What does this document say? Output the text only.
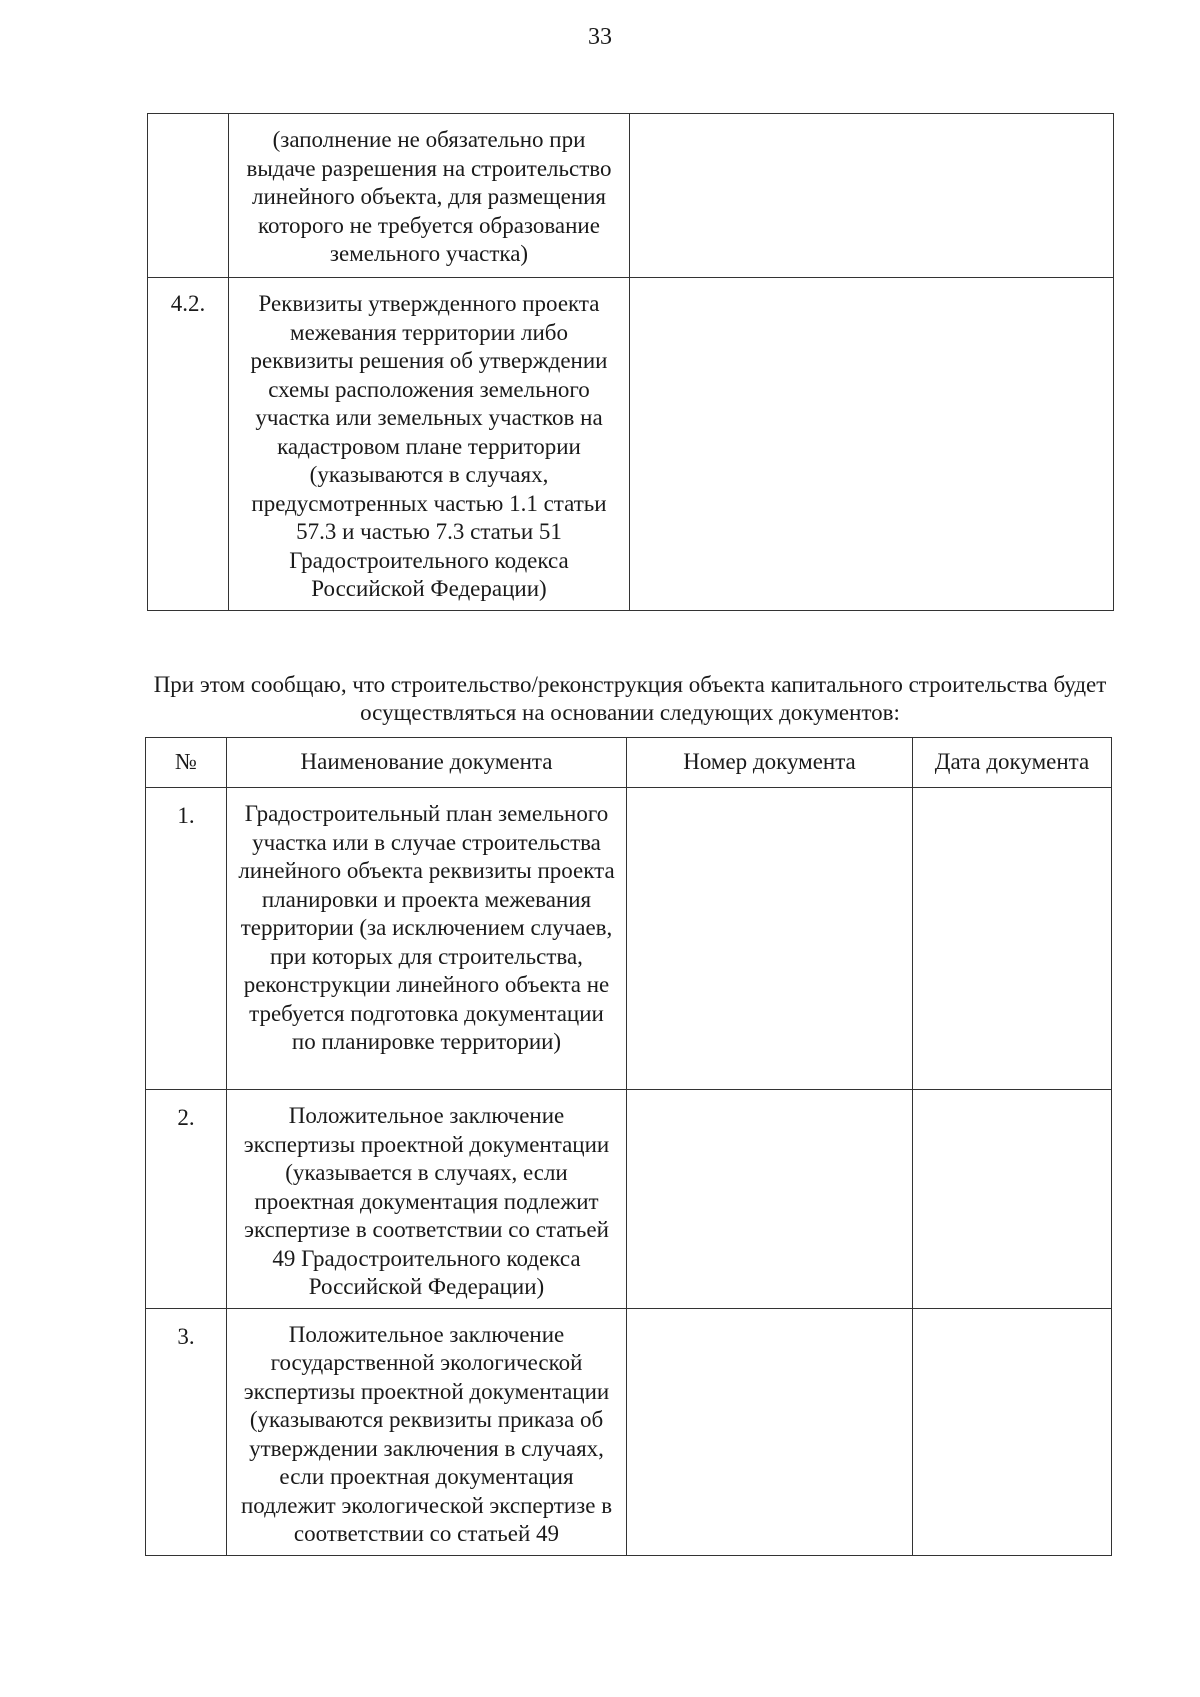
33
	(заполнение не обязательно при выдаче разрешения на строительство линейного объекта, для размещения которого не требуется образование земельного участка)	
4.2.	Реквизиты утвержденного проекта межевания территории либо реквизиты решения об утверждении схемы расположения земельного участка или земельных участков на кадастровом плане территории (указываются в случаях, предусмотренных частью 1.1 статьи 57.3 и частью 7.3 статьи 51 Градостроительного кодекса Российской Федерации)	
При этом сообщаю, что строительство/реконструкция объекта капитального строительства будет осуществляться на основании следующих документов:
№	Наименование документа	Номер документа	Дата документа
1.	Градостроительный план земельного участка или в случае строительства линейного объекта реквизиты проекта планировки и проекта межевания территории (за исключением случаев, при которых для строительства, реконструкции линейного объекта не требуется подготовка документации по планировке территории)		
2.	Положительное заключение экспертизы проектной документации (указывается в случаях, если проектная документация подлежит экспертизе в соответствии со статьей 49 Градостроительного кодекса Российской Федерации)		
3.	Положительное заключение государственной экологической экспертизы проектной документации (указываются реквизиты приказа об утверждении заключения в случаях, если проектная документация подлежит экологической экспертизе в соответствии со статьей 49		
